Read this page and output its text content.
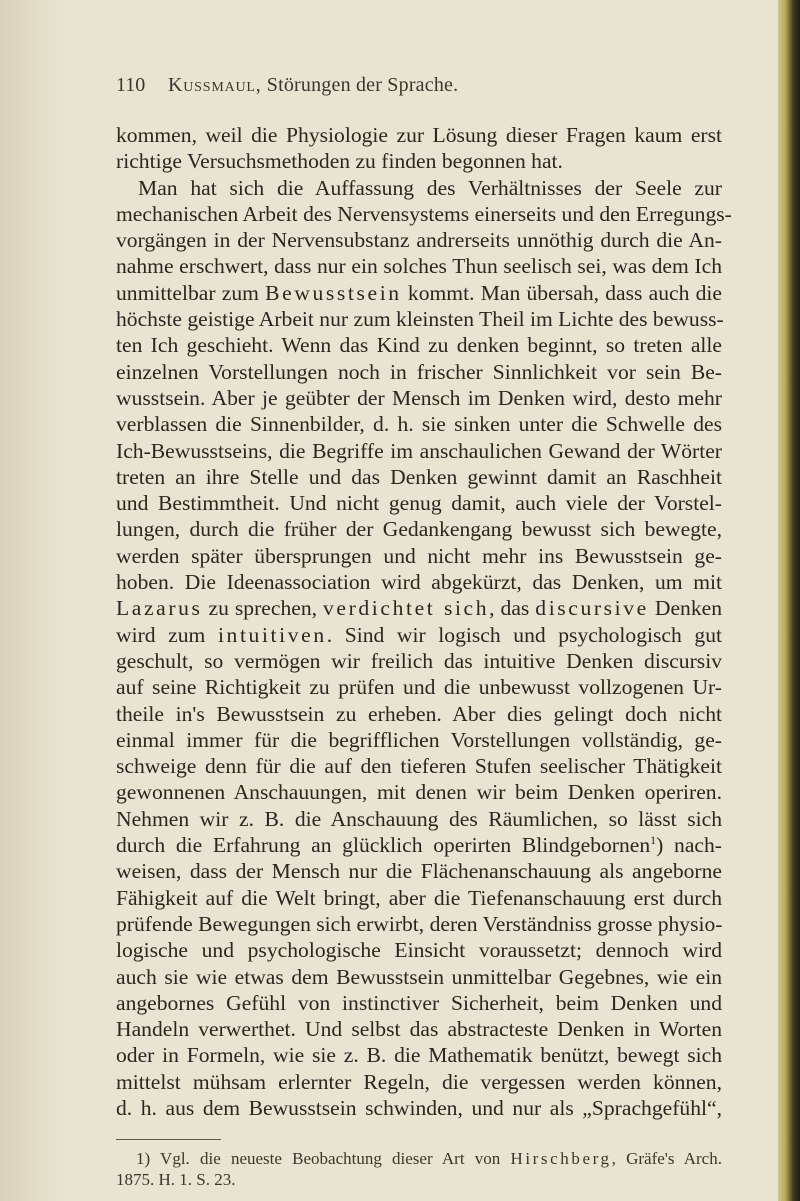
110 Kussmaul, Störungen der Sprache.
kommen, weil die Physiologie zur Lösung dieser Fragen kaum erst
richtige Versuchsmethoden zu finden begonnen hat.
Man hat sich die Auffassung des Verhältnisses der Seele zur
mechanischen Arbeit des Nervensystems einerseits und den Erregungs-
vorgängen in der Nervensubstanz andrerseits unnöthig durch die An-
nahme erschwert, dass nur ein solches Thun seelisch sei, was dem Ich
unmittelbar zum Bewusstsein kommt. Man übersah, dass auch die
höchste geistige Arbeit nur zum kleinsten Theil im Lichte des bewuss-
ten Ich geschieht. Wenn das Kind zu denken beginnt, so treten alle
einzelnen Vorstellungen noch in frischer Sinnlichkeit vor sein Be-
wusstsein. Aber je geübter der Mensch im Denken wird, desto mehr
verblassen die Sinnenbilder, d. h. sie sinken unter die Schwelle des
Ich-Bewusstseins, die Begriffe im anschaulichen Gewand der Wörter
treten an ihre Stelle und das Denken gewinnt damit an Raschheit
und Bestimmtheit. Und nicht genug damit, auch viele der Vorstel-
lungen, durch die früher der Gedankengang bewusst sich bewegte,
werden später übersprungen und nicht mehr ins Bewusstsein ge-
hoben. Die Ideenassociation wird abgekürzt, das Denken, um mit
Lazarus zu sprechen, verdichtet sich, das discursive Denken
wird zum intuitiven. Sind wir logisch und psychologisch gut
geschult, so vermögen wir freilich das intuitive Denken discursiv
auf seine Richtigkeit zu prüfen und die unbewusst vollzogenen Ur-
theile in's Bewusstsein zu erheben. Aber dies gelingt doch nicht
einmal immer für die begrifflichen Vorstellungen vollständig, ge-
schweige denn für die auf den tieferen Stufen seelischer Thätigkeit
gewonnenen Anschauungen, mit denen wir beim Denken operiren.
Nehmen wir z. B. die Anschauung des Räumlichen, so lässt sich
durch die Erfahrung an glücklich operirten Blindgebornen$^1$) nach-
weisen, dass der Mensch nur die Flächenanschauung als angeborne
Fähigkeit auf die Welt bringt, aber die Tiefenanschauung erst durch
prüfende Bewegungen sich erwirbt, deren Verständniss grosse physio-
logische und psychologische Einsicht voraussetzt; dennoch wird
auch sie wie etwas dem Bewusstsein unmittelbar Gegebnes, wie ein
angebornes Gefühl von instinctiver Sicherheit, beim Denken und
Handeln verwerthet. Und selbst das abstracteste Denken in Worten
oder in Formeln, wie sie z. B. die Mathematik benützt, bewegt sich
mittelst mühsam erlernter Regeln, die vergessen werden können,
d. h. aus dem Bewusstsein schwinden, und nur als „Sprachgefühl“,
1) Vgl. die neueste Beobachtung dieser Art von Hirschberg, Gräfe's Arch.
1875. H. 1. S. 23.
